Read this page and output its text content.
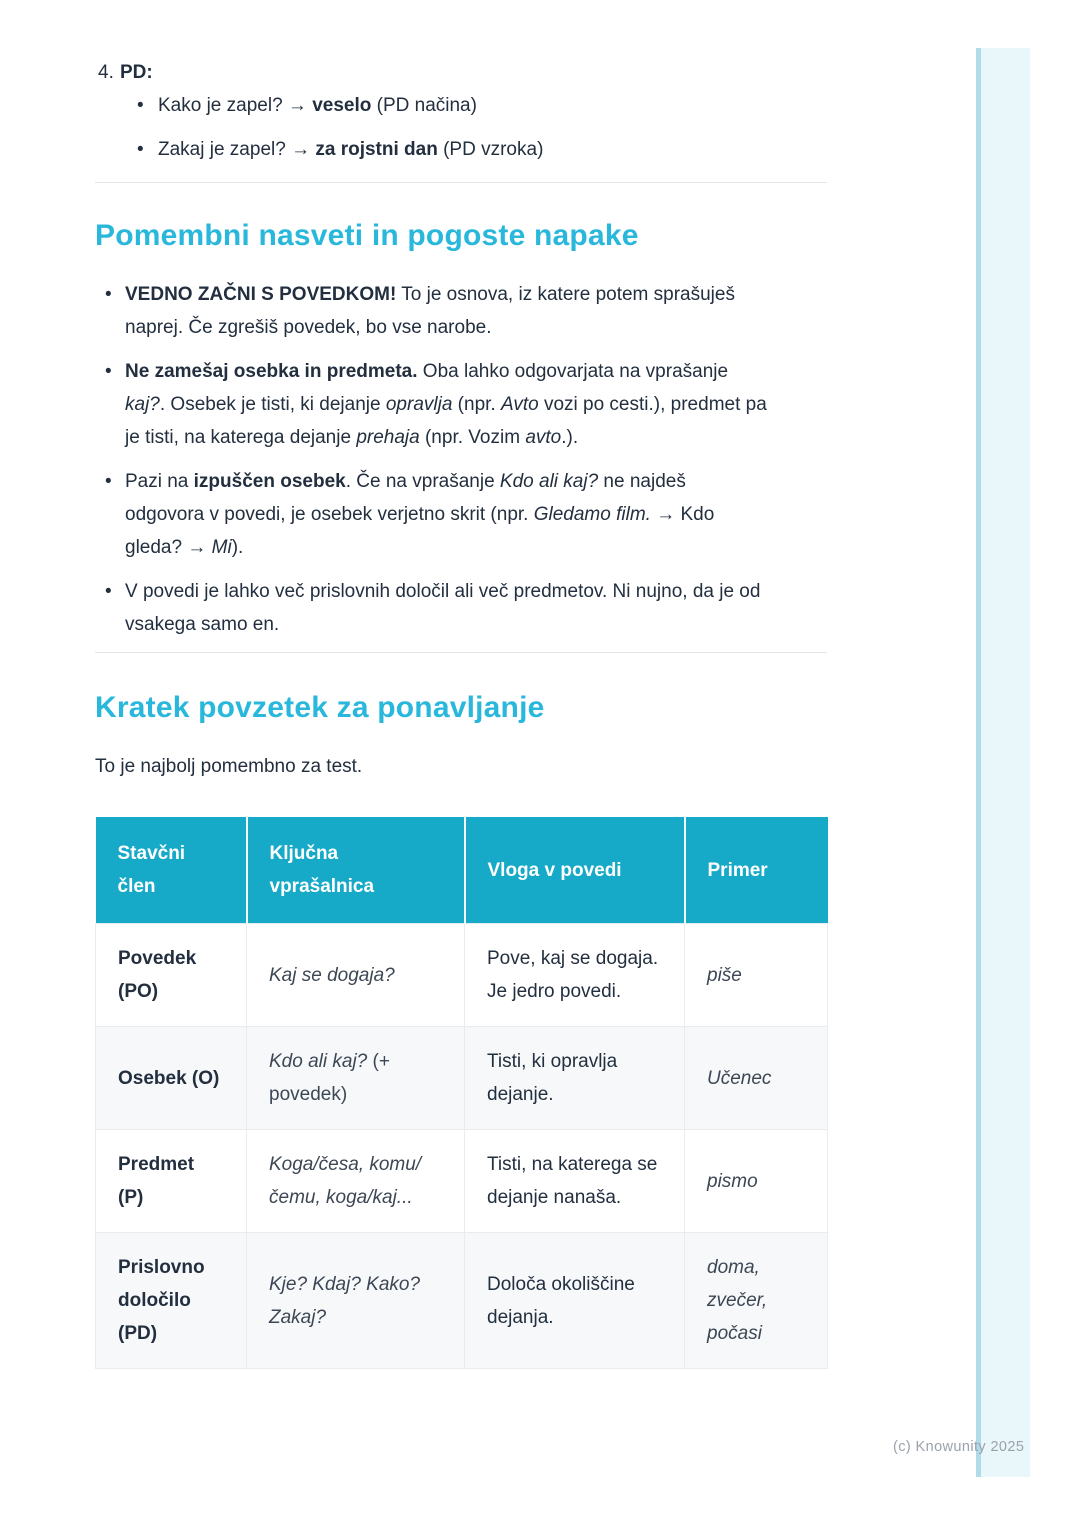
(c) Knowunity 2025
4. PD:
• Kako je zapel? → veselo (PD načina)
• Zakaj je zapel? → za rojstni dan (PD vzroka)
Pomembni nasveti in pogoste napake
• VEDNO ZAČNI S POVEDKOM! To je osnova, iz katere potem sprašuješ naprej. Če zgrešiš povedek, bo vse narobe.
• Ne zamešaj osebka in predmeta. Oba lahko odgovarjata na vprašanje kaj?. Osebek je tisti, ki dejanje opravlja (npr. Avto vozi po cesti.), predmet pa je tisti, na katerega dejanje prehaja (npr. Vozim avto.).
• Pazi na izpuščen osebek. Če na vprašanje Kdo ali kaj? ne najdeš odgovora v povedi, je osebek verjetno skrit (npr. Gledamo film. → Kdo gleda? → Mi).
• V povedi je lahko več prislovnih določil ali več predmetov. Ni nujno, da je od vsakega samo en.
Kratek povzetek za ponavljanje

To je najbolj pomembno za test.

Stavčni člen	Ključna vprašalnica	Vloga v povedi	Primer
Povedek (PO)	Kaj se dogaja?	Pove, kaj se dogaja. Je jedro povedi.	piše
Osebek (O)	Kdo ali kaj? (+ povedek)	Tisti, ki opravlja dejanje.	Učenec
Predmet (P)	Koga/česa, komu/čemu, koga/kaj...	Tisti, na katerega se dejanje nanaša.	pismo
Prislovno določilo (PD)	Kje? Kdaj? Kako? Zakaj?	Določa okoliščine dejanja.	doma, zvečer, počasi
